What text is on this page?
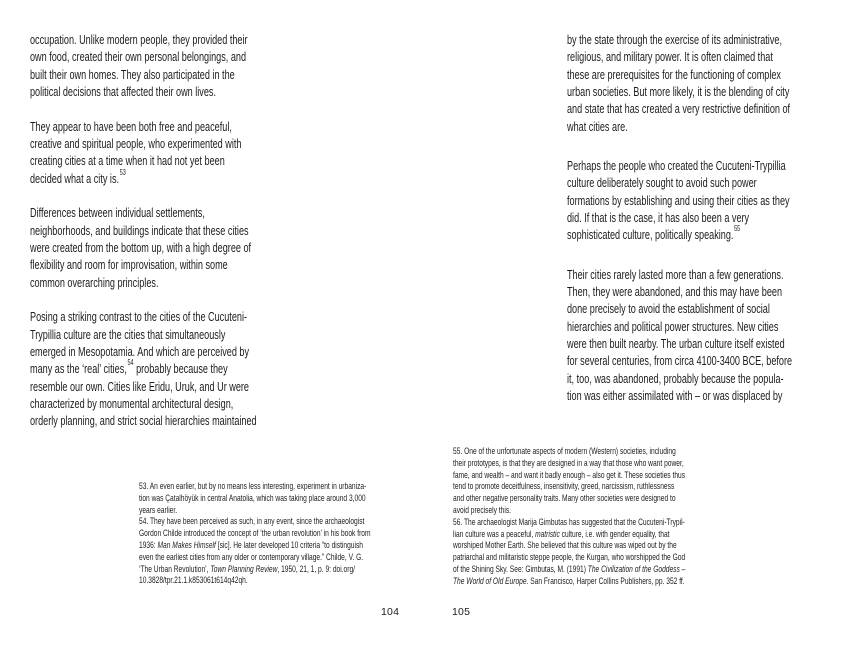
occupation. Unlike modern people, they provided their
own food, created their own personal belongings, and
built their own homes. They also participated in the
political decisions that affected their own lives.
They appear to have been both free and peaceful,
creative and spiritual people, who experimented with
creating cities at a time when it had not yet been
decided what a city is.$^{53}$
Differences between individual settlements,
neighborhoods, and buildings indicate that these cities
were created from the bottom up, with a high degree of
flexibility and room for improvisation, within some
common overarching principles.
Posing a striking contrast to the cities of the Cucuteni-
Trypillia culture are the cities that simultaneously
emerged in Mesopotamia. And which are perceived by
many as the ‘real’ cities,$^{54}$ probably because they
resemble our own. Cities like Eridu, Uruk, and Ur were
characterized by monumental architectural design,
orderly planning, and strict social hierarchies maintained
53. An even earlier, but by no means less interesting, experiment in urbaniza-
tion was Çatalhöyük in central Anatolia, which was taking place around 3,000
years earlier.
54. They have been perceived as such, in any event, since the archaeologist
Gordon Childe introduced the concept of ‘the urban revolution’ in his book from
1936: Man Makes Himself [sic]. He later developed 10 criteria “to distinguish
even the earliest cities from any older or contemporary village.” Childe, V. G.
‘The Urban Revolution’, Town Planning Review, 1950, 21, 1, p. 9: doi.org/
10.3828/tpr.21.1.k853061t614q42qh.
104
by the state through the exercise of its administrative,
religious, and military power. It is often claimed that
these are prerequisites for the functioning of complex
urban societies. But more likely, it is the blending of city
and state that has created a very restrictive definition of
what cities are.
Perhaps the people who created the Cucuteni-Trypillia
culture deliberately sought to avoid such power
formations by establishing and using their cities as they
did. If that is the case, it has also been a very
sophisticated culture, politically speaking.$^{55}$
Their cities rarely lasted more than a few generations.
Then, they were abandoned, and this may have been
done precisely to avoid the establishment of social
hierarchies and political power structures. New cities
were then built nearby. The urban culture itself existed
for several centuries, from circa 4100-3400 BCE, before
it, too, was abandoned, probably because the popula-
tion was either assimilated with – or was displaced by
55. One of the unfortunate aspects of modern (Western) societies, including
their prototypes, is that they are designed in a way that those who want power,
fame, and wealth – and want it badly enough – also get it. These societies thus
tend to promote deceitfulness, insensitivity, greed, narcissism, ruthlessness
and other negative personality traits. Many other societies were designed to
avoid precisely this.
56. The archaeologist Marija Gimbutas has suggested that the Cucuteni-Trypil-
lian culture was a peaceful, matristic culture, i.e. with gender equality, that
worshiped Mother Earth. She believed that this culture was wiped out by the
patriarchal and militaristic steppe people, the Kurgan, who worshipped the God
of the Shining Sky. See: Gimbutas, M. (1991) The Civilization of the Goddess –
The World of Old Europe. San Francisco, Harper Collins Publishers, pp. 352 ff.
105
